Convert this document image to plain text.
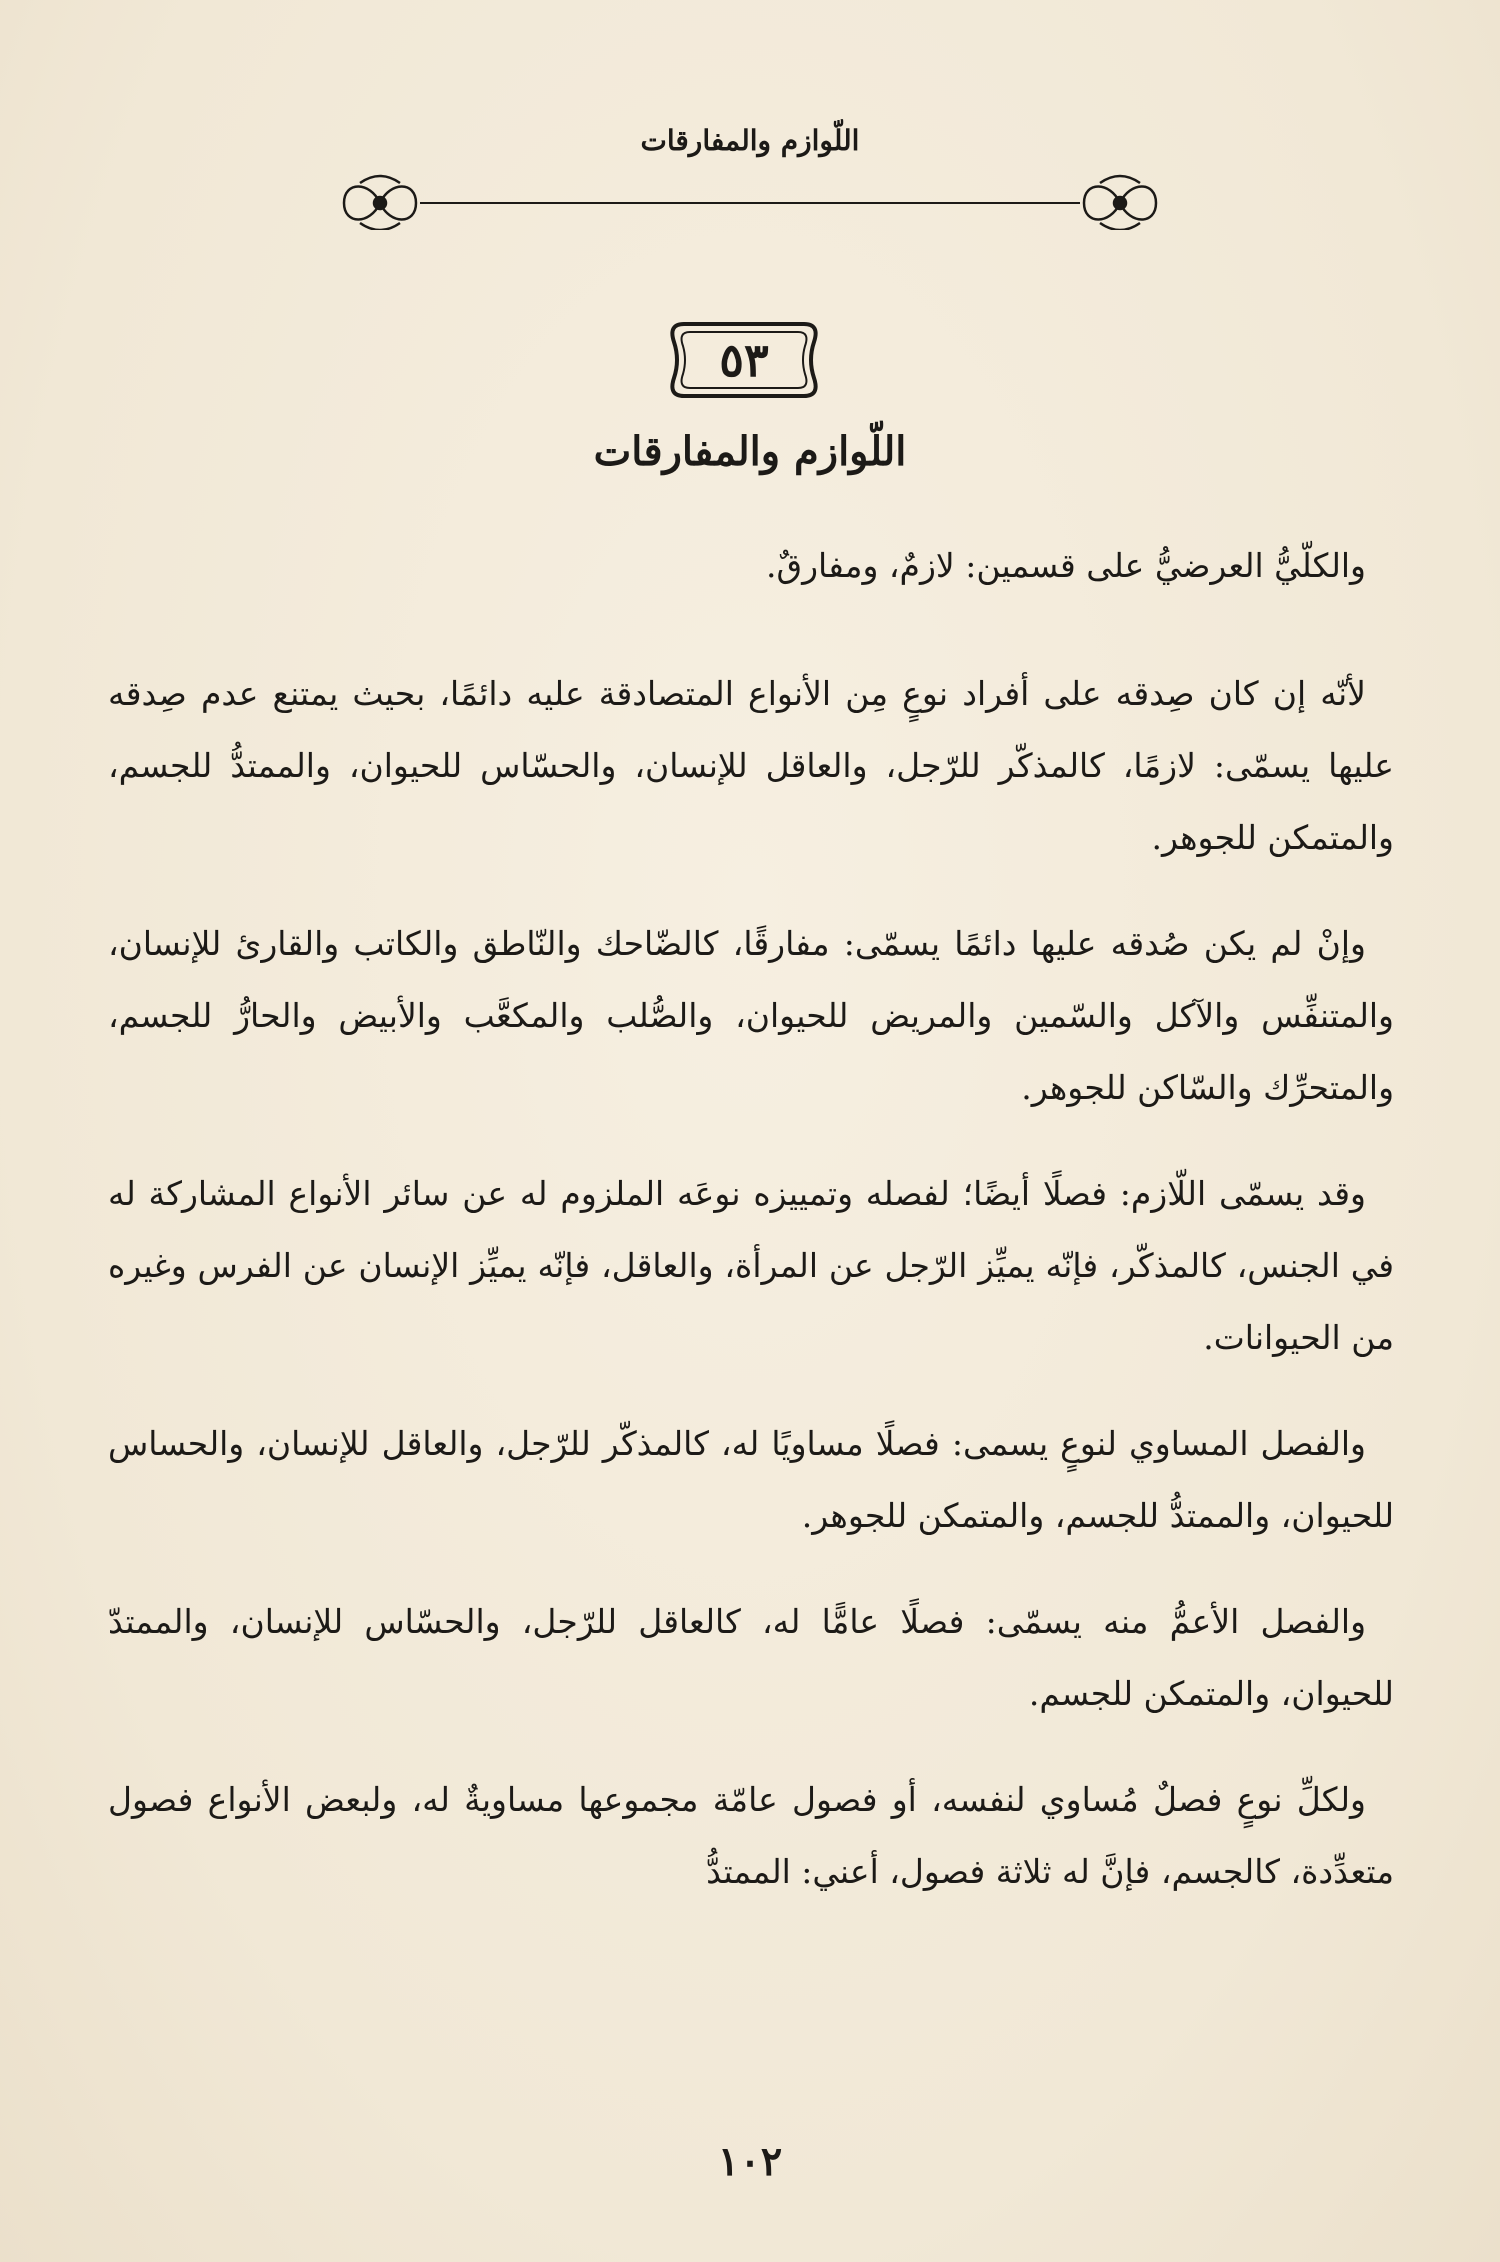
اللّوازم والمفارقات
٥٣
اللّوازم والمفارقات

والكلّيُّ العرضيُّ على قسمين: لازمٌ، ومفارقٌ.

لأنّه إن كان صِدقه على أفراد نوعٍ مِن الأنواع المتصادقة عليه دائمًا، بحيث يمتنع عدم صِدقه عليها يسمّى: لازمًا، كالمذكّر للرّجل، والعاقل للإنسان، والحسّاس للحيوان، والممتدُّ للجسم، والمتمكن للجوهر.

وإنْ لم يكن صُدقه عليها دائمًا يسمّى: مفارقًا، كالضّاحك والنّاطق والكاتب والقارئ للإنسان، والمتنفِّس والآكل والسّمين والمريض للحيوان، والصُّلب والمكعَّب والأبيض والحارُّ للجسم، والمتحرِّك والسّاكن للجوهر.

وقد يسمّى اللّازم: فصلًا أيضًا؛ لفصله وتمييزه نوعَه الملزوم له عن سائر الأنواع المشاركة له في الجنس، كالمذكّر، فإنّه يميِّز الرّجل عن المرأة، والعاقل، فإنّه يميِّز الإنسان عن الفرس وغيره من الحيوانات.

والفصل المساوي لنوعٍ يسمى: فصلًا مساويًا له، كالمذكّر للرّجل، والعاقل للإنسان، والحساس للحيوان، والممتدُّ للجسم، والمتمكن للجوهر.

والفصل الأعمُّ منه يسمّى: فصلًا عامًّا له، كالعاقل للرّجل، والحسّاس للإنسان، والممتدّ للحيوان، والمتمكن للجسم.

ولكلِّ نوعٍ فصلٌ مُساوي لنفسه، أو فصول عامّة مجموعها مساويةٌ له، ولبعض الأنواع فصول متعدِّدة، كالجسم، فإنَّ له ثلاثة فصول، أعني: الممتدُّ

١٠٢
